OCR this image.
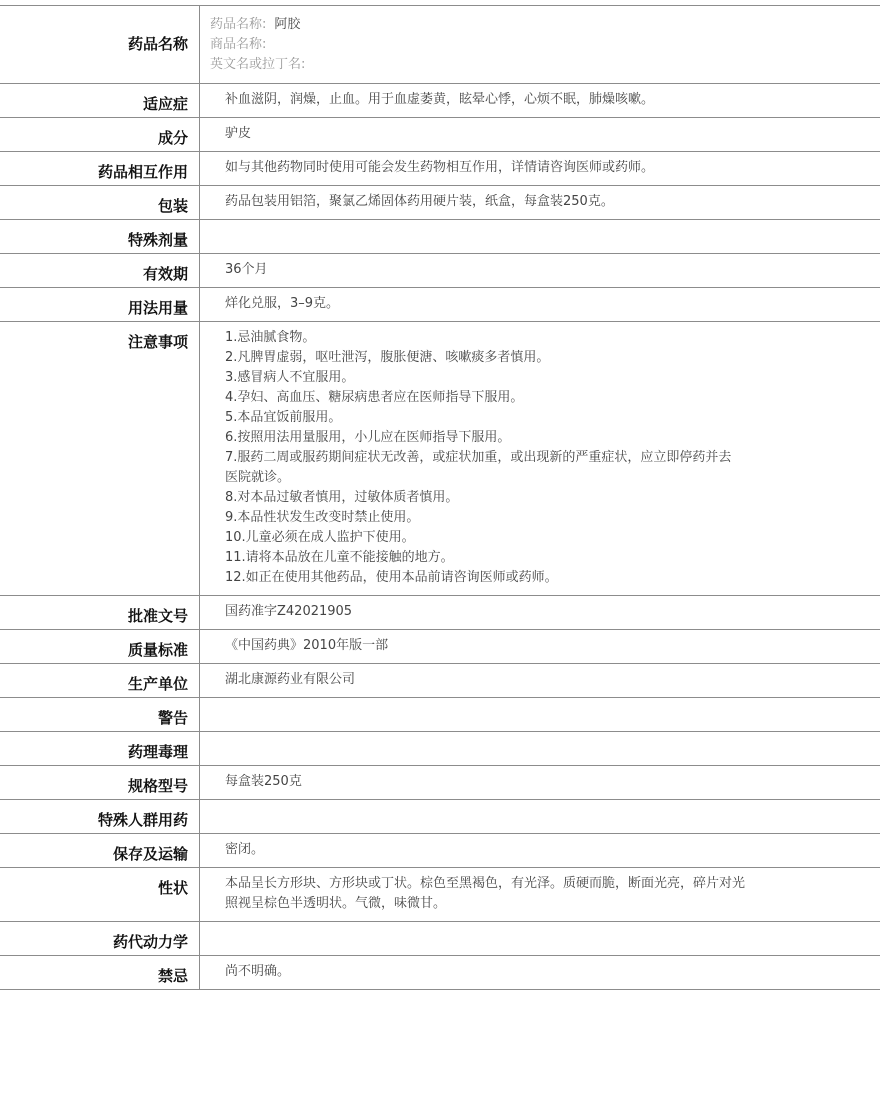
药品名称
药品名称: 阿胶
商品名称:
英文名或拉丁名:
适应症	补血滋阴，润燥，止血。用于血虚萎黄，眩晕心悸，心烦不眠，肺燥咳嗽。
成分	驴皮
药品相互作用	如与其他药物同时使用可能会发生药物相互作用，详情请咨询医师或药师。
包装	药品包装用铝箔，聚氯乙烯固体药用硬片装，纸盒，每盒装250克。
特殊剂量
有效期	36个月
用法用量	烊化兑服，3–9克。
注意事项	1.忌油腻食物。
2.凡脾胃虚弱，呕吐泄泻，腹胀便溏、咳嗽痰多者慎用。
3.感冒病人不宜服用。
4.孕妇、高血压、糖尿病患者应在医师指导下服用。
5.本品宜饭前服用。
6.按照用法用量服用，小儿应在医师指导下服用。
7.服药二周或服药期间症状无改善，或症状加重，或出现新的严重症状，应立即停药并去
医院就诊。
8.对本品过敏者慎用，过敏体质者慎用。
9.本品性状发生改变时禁止使用。
10.儿童必须在成人监护下使用。
11.请将本品放在儿童不能接触的地方。
12.如正在使用其他药品，使用本品前请咨询医师或药师。
批准文号	国药准字Z42021905
质量标准	《中国药典》2010年版一部
生产单位	湖北康源药业有限公司
警告
药理毒理
规格型号	每盒装250克
特殊人群用药
保存及运输	密闭。
性状	本品呈长方形块、方形块或丁状。棕色至黑褐色，有光泽。质硬而脆，断面光亮，碎片对光
照视呈棕色半透明状。气微，味微甘。
药代动力学
禁忌	尚不明确。
